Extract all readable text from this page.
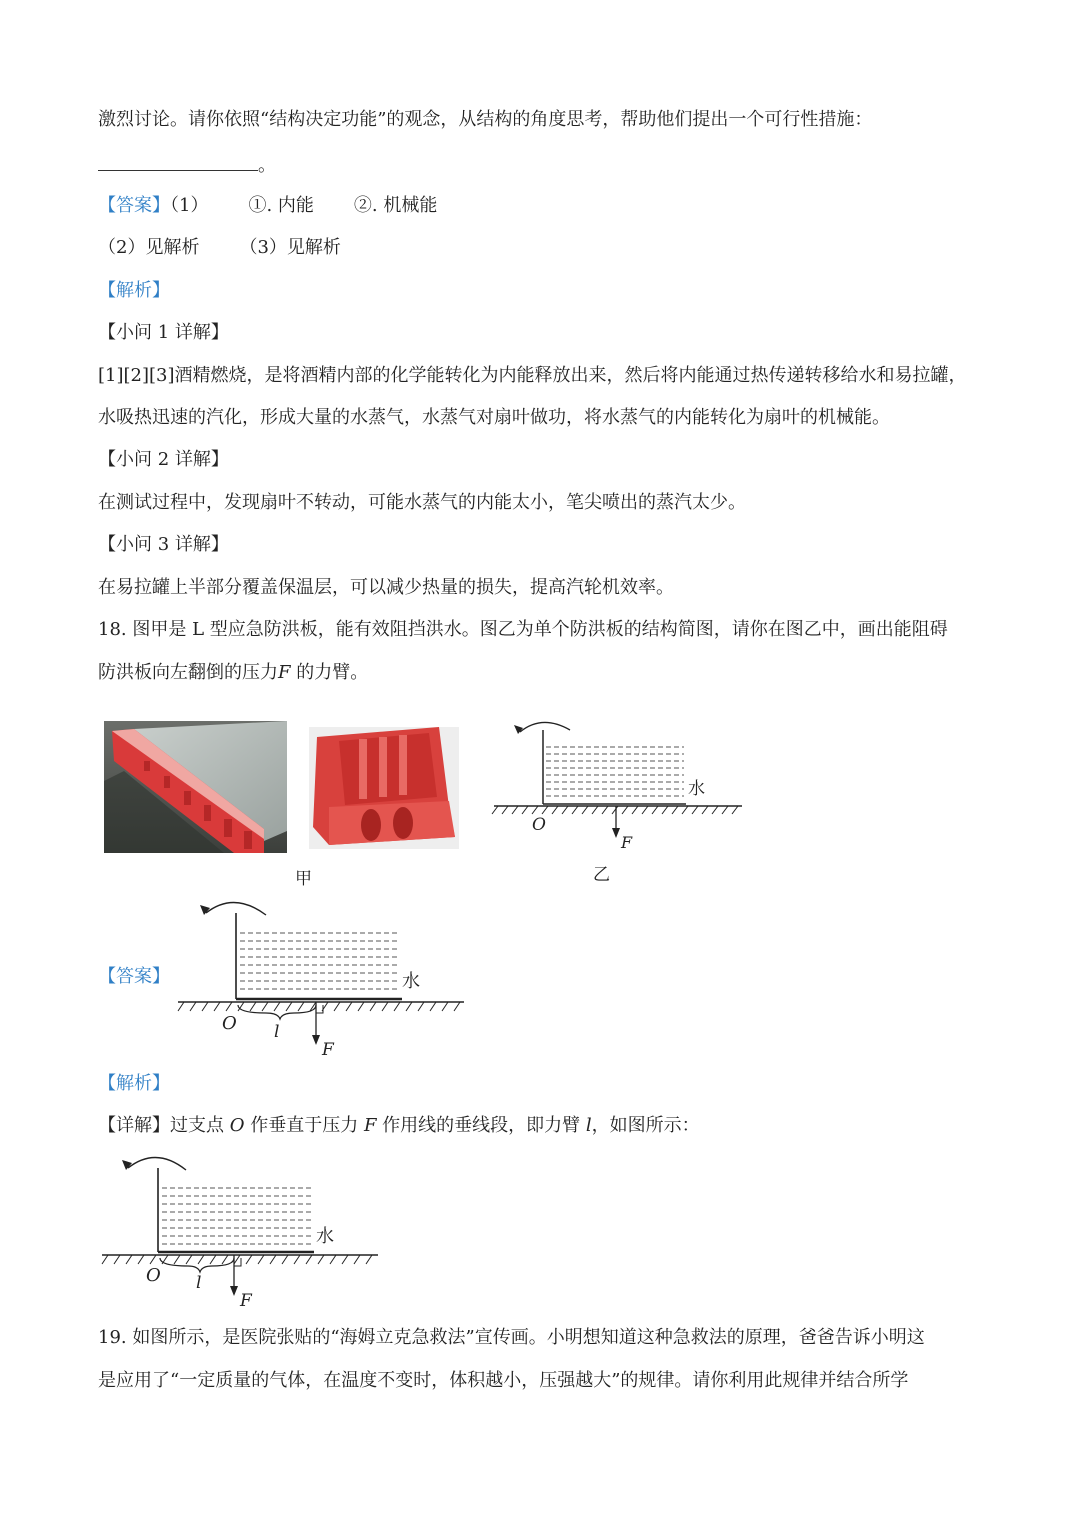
激烈讨论。请你依照“结构决定功能”的观念，从结构的角度思考，帮助他们提出一个可行性措施：
。
【答案】（1） ①. 内能 ②. 机械能
（2）见解析 （3）见解析
【解析】
【小问 1 详解】
[1][2][3]酒精燃烧，是将酒精内部的化学能转化为内能释放出来，然后将内能通过热传递转移给水和易拉罐，
水吸热迅速的汽化，形成大量的水蒸气，水蒸气对扇叶做功，将水蒸气的内能转化为扇叶的机械能。
【小问 2 详解】
在测试过程中，发现扇叶不转动，可能水蒸气的内能太小，笔尖喷出的蒸汽太少。
【小问 3 详解】
在易拉罐上半部分覆盖保温层，可以减少热量的损失，提高汽轮机效率。
18. 图甲是 L 型应急防洪板，能有效阻挡洪水。图乙为单个防洪板的结构简图，请你在图乙中，画出能阻碍
防洪板向左翻倒的压力F 的力臂。
水
O
F
甲	乙
【答案】	水
O l
F
【解析】
【详解】过支点 O 作垂直于压力 F 作用线的垂线段，即力臂 l，如图所示：
水
O l
F
19. 如图所示，是医院张贴的“海姆立克急救法”宣传画。小明想知道这种急救法的原理，爸爸告诉小明这
是应用了“一定质量的气体，在温度不变时，体积越小，压强越大”的规律。请你利用此规律并结合所学
